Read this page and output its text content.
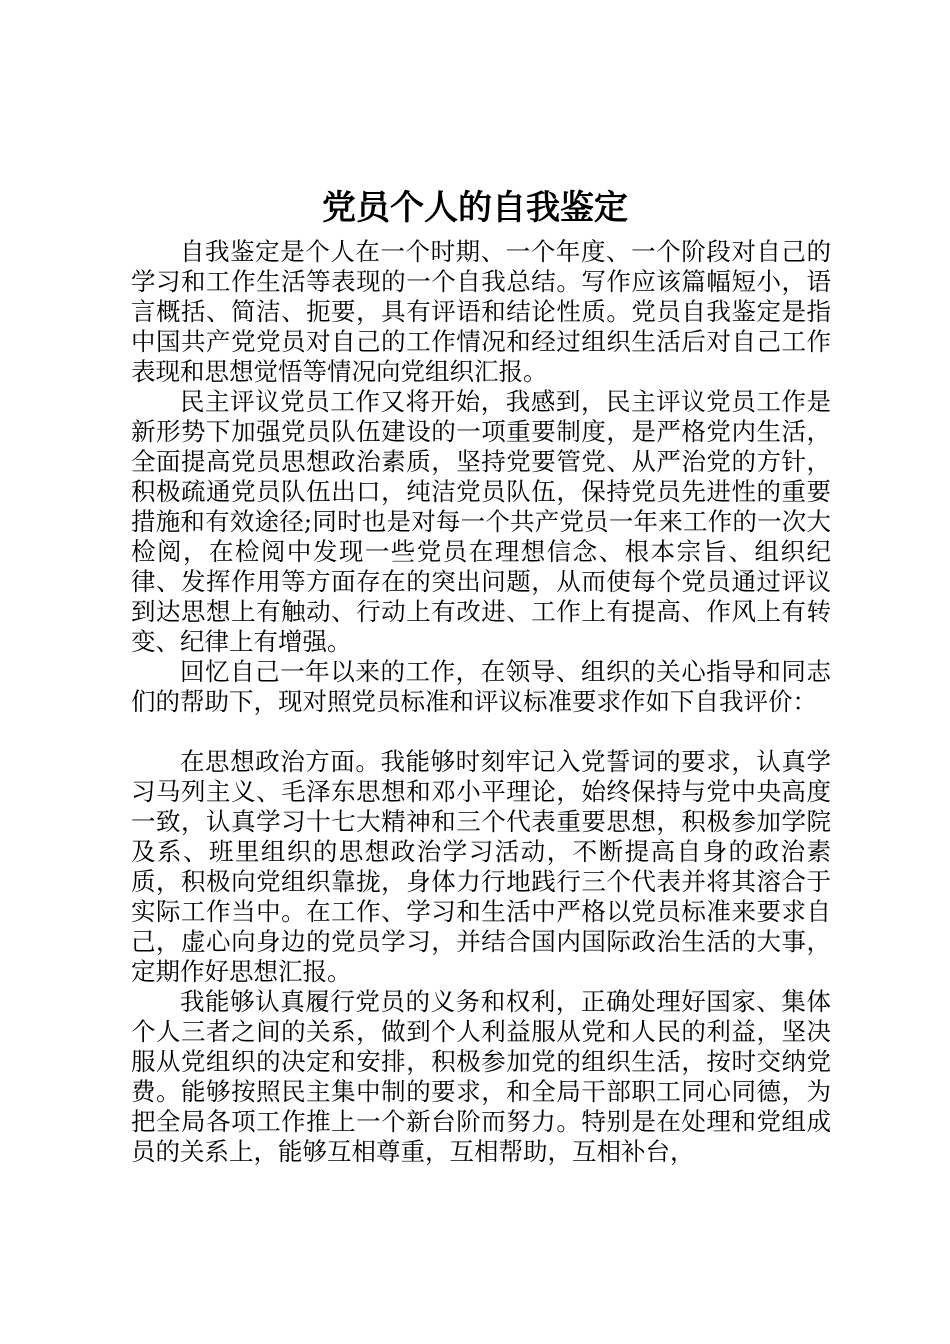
党员个人的自我鉴定

自我鉴定是个人在一个时期、一个年度、一个阶段对自己的学习和工作生活等表现的一个自我总结。写作应该篇幅短小，语言概括、简洁、扼要，具有评语和结论性质。党员自我鉴定是指中国共产党党员对自己的工作情况和经过组织生活后对自己工作表现和思想觉悟等情况向党组织汇报。

民主评议党员工作又将开始，我感到，民主评议党员工作是新形势下加强党员队伍建设的一项重要制度，是严格党内生活，全面提高党员思想政治素质，坚持党要管党、从严治党的方针，积极疏通党员队伍出口，纯洁党员队伍，保持党员先进性的重要措施和有效途径;同时也是对每一个共产党员一年来工作的一次大检阅，在检阅中发现一些党员在理想信念、根本宗旨、组织纪律、发挥作用等方面存在的突出问题，从而使每个党员通过评议到达思想上有触动、行动上有改进、工作上有提高、作风上有转变、纪律上有增强。

回忆自己一年以来的工作，在领导、组织的关心指导和同志们的帮助下，现对照党员标准和评议标准要求作如下自我评价：

在思想政治方面。我能够时刻牢记入党誓词的要求，认真学习马列主义、毛泽东思想和邓小平理论，始终保持与党中央高度一致，认真学习十七大精神和三个代表重要思想，积极参加学院及系、班里组织的思想政治学习活动，不断提高自身的政治素质，积极向党组织靠拢，身体力行地践行三个代表并将其溶合于实际工作当中。在工作、学习和生活中严格以党员标准来要求自己，虚心向身边的党员学习，并结合国内国际政治生活的大事，定期作好思想汇报。

我能够认真履行党员的义务和权利，正确处理好国家、集体个人三者之间的关系，做到个人利益服从党和人民的利益，坚决服从党组织的决定和安排，积极参加党的组织生活，按时交纳党费。能够按照民主集中制的要求，和全局干部职工同心同德，为把全局各项工作推上一个新台阶而努力。特别是在处理和党组成员的关系上，能够互相尊重，互相帮助，互相补台，
